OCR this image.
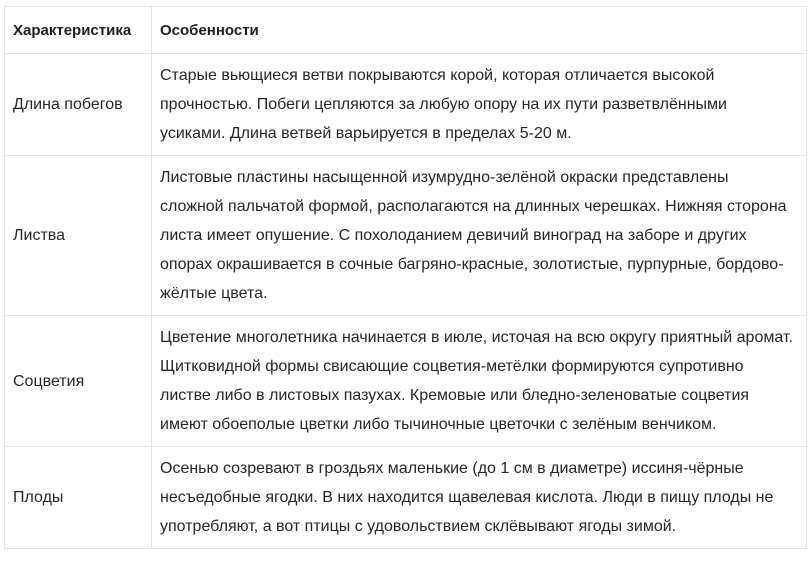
Характеристика	Особенности
Длина побегов	Старые вьющиеся ветви покрываются корой, которая отличается высокой прочностью. Побеги цепляются за любую опору на их пути разветвлёнными усиками. Длина ветвей варьируется в пределах 5-20 м.
Листва	Листовые пластины насыщенной изумрудно-зелёной окраски представлены сложной пальчатой формой, располагаются на длинных черешках. Нижняя сторона листа имеет опушение. С похолоданием девичий виноград на заборе и других опорах окрашивается в сочные багряно-красные, золотистые, пурпурные, бордово-жёлтые цвета.
Соцветия	Цветение многолетника начинается в июле, источая на всю округу приятный аромат. Щитковидной формы свисающие соцветия-метёлки формируются супротивно листве либо в листовых пазухах. Кремовые или бледно-зеленоватые соцветия имеют обоеполые цветки либо тычиночные цветочки с зелёным венчиком.
Плоды	Осенью созревают в гроздьях маленькие (до 1 см в диаметре) иссиня-чёрные несъедобные ягодки. В них находится щавелевая кислота. Люди в пищу плоды не употребляют, а вот птицы с удовольствием склёвывают ягоды зимой.
